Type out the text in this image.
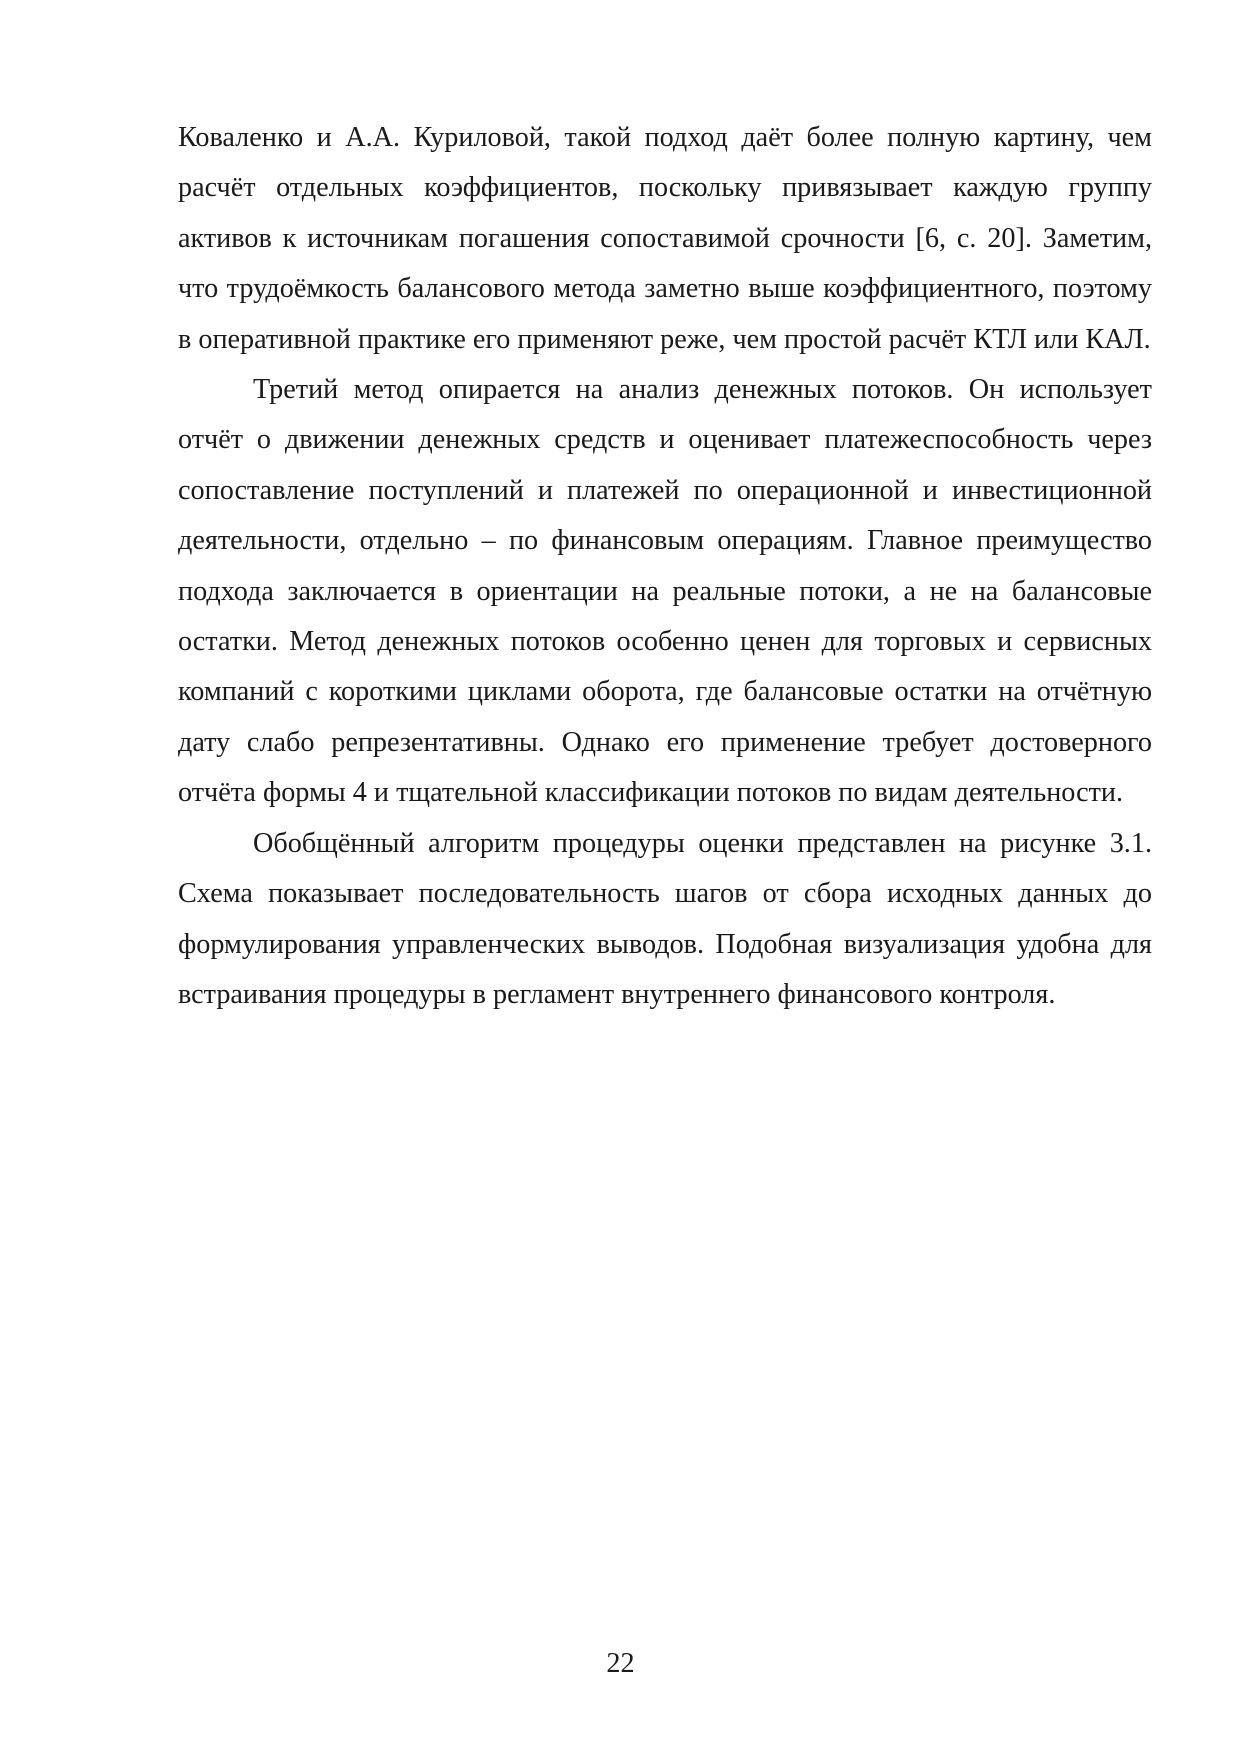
Коваленко и А.А. Куриловой, такой подход даёт более полную картину, чем расчёт отдельных коэффициентов, поскольку привязывает каждую группу активов к источникам погашения сопоставимой срочности [6, с. 20]. Заметим, что трудоёмкость балансового метода заметно выше коэффициентного, поэтому в оперативной практике его применяют реже, чем простой расчёт КТЛ или КАЛ.

Третий метод опирается на анализ денежных потоков. Он использует отчёт о движении денежных средств и оценивает платежеспособность через сопоставление поступлений и платежей по операционной и инвестиционной деятельности, отдельно – по финансовым операциям. Главное преимущество подхода заключается в ориентации на реальные потоки, а не на балансовые остатки. Метод денежных потоков особенно ценен для торговых и сервисных компаний с короткими циклами оборота, где балансовые остатки на отчётную дату слабо репрезентативны. Однако его применение требует достоверного отчёта формы 4 и тщательной классификации потоков по видам деятельности.

Обобщённый алгоритм процедуры оценки представлен на рисунке 3.1. Схема показывает последовательность шагов от сбора исходных данных до формулирования управленческих выводов. Подобная визуализация удобна для встраивания процедуры в регламент внутреннего финансового контроля.

22
